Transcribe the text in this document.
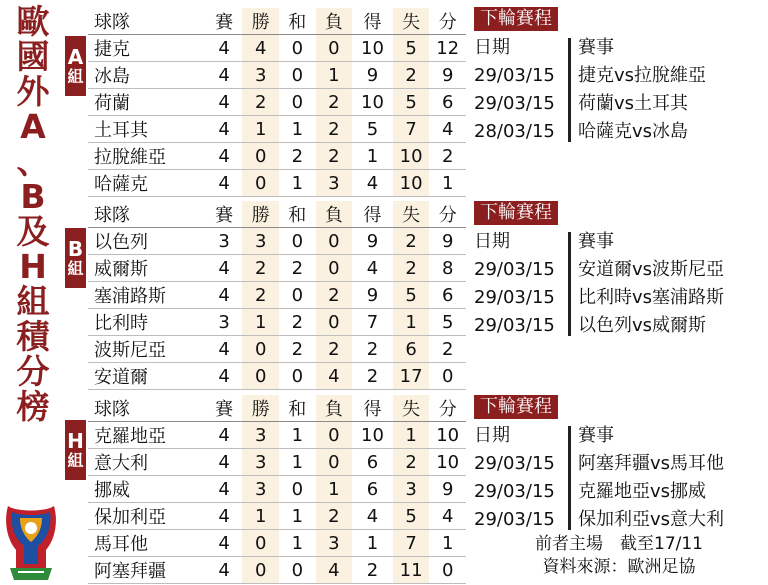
歐
國
外
A
、
B
及
H
組
積
分
榜
A
組
球隊	賽	勝	和	負	得	失	分
捷克	4	4	0	0	10	5	12
冰島	4	3	0	1	9	2	9
荷蘭	4	2	0	2	10	5	6
土耳其	4	1	1	2	5	7	4
拉脫維亞	4	0	2	2	1	10	2
哈薩克	4	0	1	3	4	10	1
下輪賽程
日期	賽事
29/03/15	捷克vs拉脫維亞
29/03/15	荷蘭vs土耳其
28/03/15	哈薩克vs冰島
B
組
球隊	賽	勝	和	負	得	失	分
以色列	3	3	0	0	9	2	9
威爾斯	4	2	2	0	4	2	8
塞浦路斯	4	2	0	2	9	5	6
比利時	3	1	2	0	7	1	5
波斯尼亞	4	0	2	2	2	6	2
安道爾	4	0	0	4	2	17	0
下輪賽程
日期	賽事
29/03/15	安道爾vs波斯尼亞
29/03/15	比利時vs塞浦路斯
29/03/15	以色列vs威爾斯
H
組
球隊	賽	勝	和	負	得	失	分
克羅地亞	4	3	1	0	10	1	10
意大利	4	3	1	0	6	2	10
挪威	4	3	0	1	6	3	9
保加利亞	4	1	1	2	4	5	4
馬耳他	4	0	1	3	1	7	1
阿塞拜疆	4	0	0	4	2	11	0
下輪賽程
日期	賽事
29/03/15	阿塞拜疆vs馬耳他
29/03/15	克羅地亞vs挪威
29/03/15	保加利亞vs意大利
前者主場　截至17/11
資料來源：歐洲足協
